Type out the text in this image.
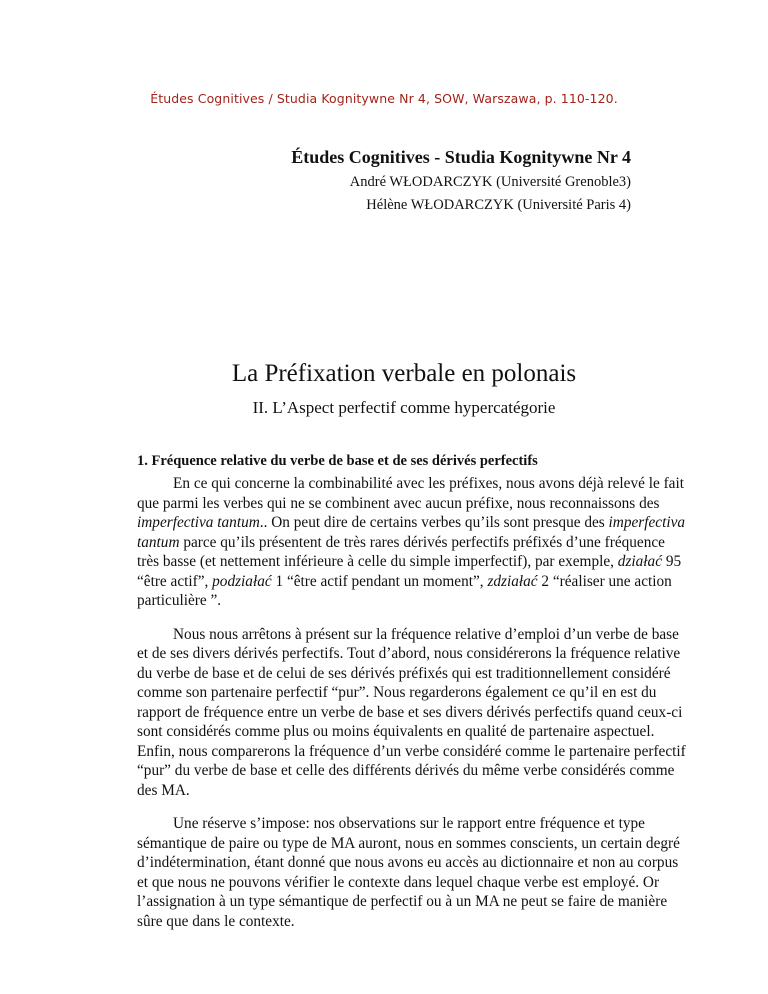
Études Cognitives / Studia Kognitywne Nr 4, SOW, Warszawa, p. 110-120.
Études Cognitives - Studia Kognitywne Nr 4
André WŁODARCZYK (Université Grenoble3)
Hélène WŁODARCZYK (Université Paris 4)
La Préfixation verbale en polonais
II. L’Aspect perfectif comme hypercatégorie
1. Fréquence relative du verbe de base et de ses dérivés perfectifs
En ce qui concerne la combinabilité avec les préfixes, nous avons déjà relevé le fait
que parmi les verbes qui ne se combinent avec aucun préfixe, nous reconnaissons des
imperfectiva tantum.. On peut dire de certains verbes qu’ils sont presque des imperfectiva
tantum parce qu’ils présentent de très rares dérivés perfectifs préfixés d’une fréquence
très basse (et nettement inférieure à celle du simple imperfectif), par exemple, działać 95
“être actif”, podziałać 1 “être actif pendant un moment”, zdziałać 2 “réaliser une action
particulière ”.
Nous nous arrêtons à présent sur la fréquence relative d’emploi d’un verbe de base
et de ses divers dérivés perfectifs. Tout d’abord, nous considérerons la fréquence relative
du verbe de base et de celui de ses dérivés préfixés qui est traditionnellement considéré
comme son partenaire perfectif “pur”. Nous regarderons également ce qu’il en est du
rapport de fréquence entre un verbe de base et ses divers dérivés perfectifs quand ceux-ci
sont considérés comme plus ou moins équivalents en qualité de partenaire aspectuel.
Enfin, nous comparerons la fréquence d’un verbe considéré comme le partenaire perfectif
“pur” du verbe de base et celle des différents dérivés du même verbe considérés comme
des MA.
Une réserve s’impose: nos observations sur le rapport entre fréquence et type
sémantique de paire ou type de MA auront, nous en sommes conscients, un certain degré
d’indétermination, étant donné que nous avons eu accès au dictionnaire et non au corpus
et que nous ne pouvons vérifier le contexte dans lequel chaque verbe est employé. Or
l’assignation à un type sémantique de perfectif ou à un MA ne peut se faire de manière
sûre que dans le contexte.
